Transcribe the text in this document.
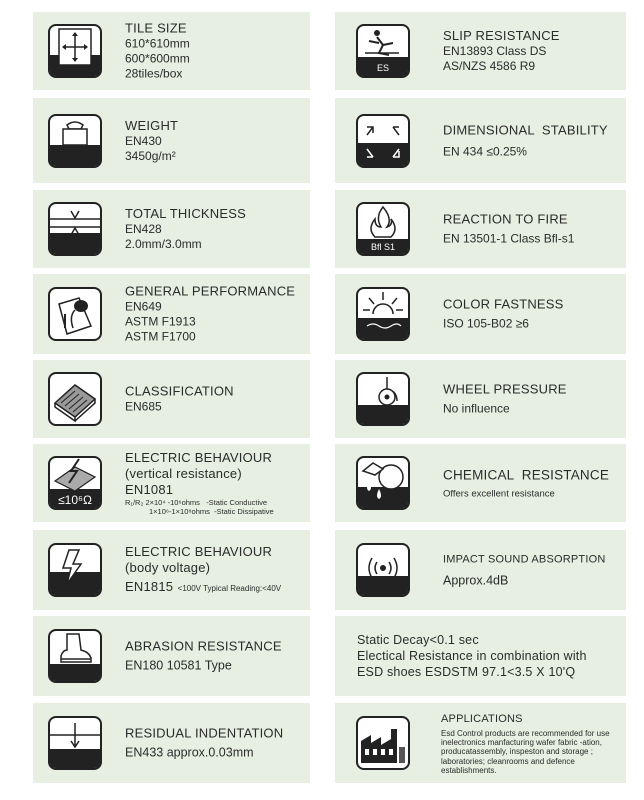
TILE SIZE
610*610mm
600*600mm
28tiles/box
WEIGHT
EN430
3450g/m²
TOTAL THICKNESS
EN428
2.0mm/3.0mm
GENERAL PERFORMANCE
EN649
ASTM F1913
ASTM F1700
CLASSIFICATION
EN685
≤10⁶Ω
ELECTRIC BEHAVIOUR
(vertical resistance)
EN1081
R₁/R₂ 2×10⁴ -10⁶ohms -Static Conductive
1×10⁶-1×10⁸ohms -Static Dissipative
ELECTRIC BEHAVIOUR
(body voltage)
EN1815 <100V Typical Reading:<40V
ABRASION RESISTANCE
EN180 10581 Type
RESIDUAL INDENTATION
EN433 approx.0.03mm
ES
SLIP RESISTANCE
EN13893 Class DS
AS/NZS 4586 R9
DIMENSIONAL  STABILITY
EN 434 ≤0.25%
Bfl S1
REACTION TO FIRE
EN 13501-1 Class Bfl-s1
COLOR FASTNESS
ISO 105-B02 ≥6
WHEEL PRESSURE
No influence
CHEMICAL  RESISTANCE
Offers excellent resistance
IMPACT SOUND ABSORPTION
Approx.4dB
Static Decay<0.1 sec
Electical Resistance in combination with
ESD shoes ESDSTM 97.1<3.5 X 10'Q
APPLICATIONS
Esd Control products are recommended for use inelectronics manfacturing wafer fabric -ation, producatassembly, inspeston and storage ; laboratories; cleanrooms and defence establishments.
